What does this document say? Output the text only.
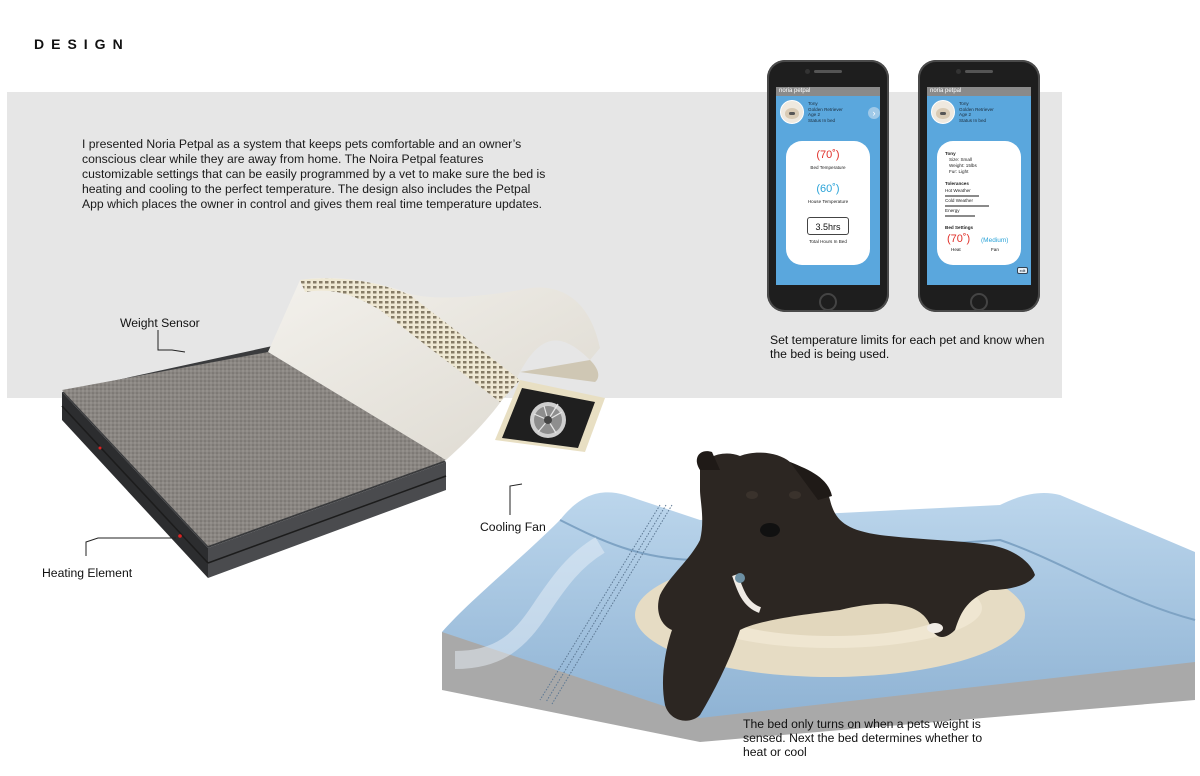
DESIGN
I presented Noria Petpal as a system that keeps pets comfortable and an owner’s conscious clear while they are away from home. The Noira Petpal features customizable settings that can be easily programmed by a vet to make sure the bed is heating and cooling to the perfect temperature. The design also includes the Petpal App which places the owner in control and gives them real time temperature updates.
Weight Sensor
Cooling Fan
Heating Element
noria petpal
Tony
Golden Retriever
Age 2
Status In bed
›
(70˚)
Bed Temperature
(60˚)
House Temperature
3.5hrs
Total Hours In Bed
noria petpal
Tony
Golden Retriever
Age 2
Status In bed
Tony
Size: Small
Weight: 15lbs
Fur: Light
Tolerances
Hot Weather
Cold Weather
Energy
Bed Settings
(70˚)
Heat
(Medium)
Fan
edit
Set temperature limits for each pet and know when the bed is being used.
The bed only turns on when a pets weight is sensed. Next the bed determines whether to heat or cool
